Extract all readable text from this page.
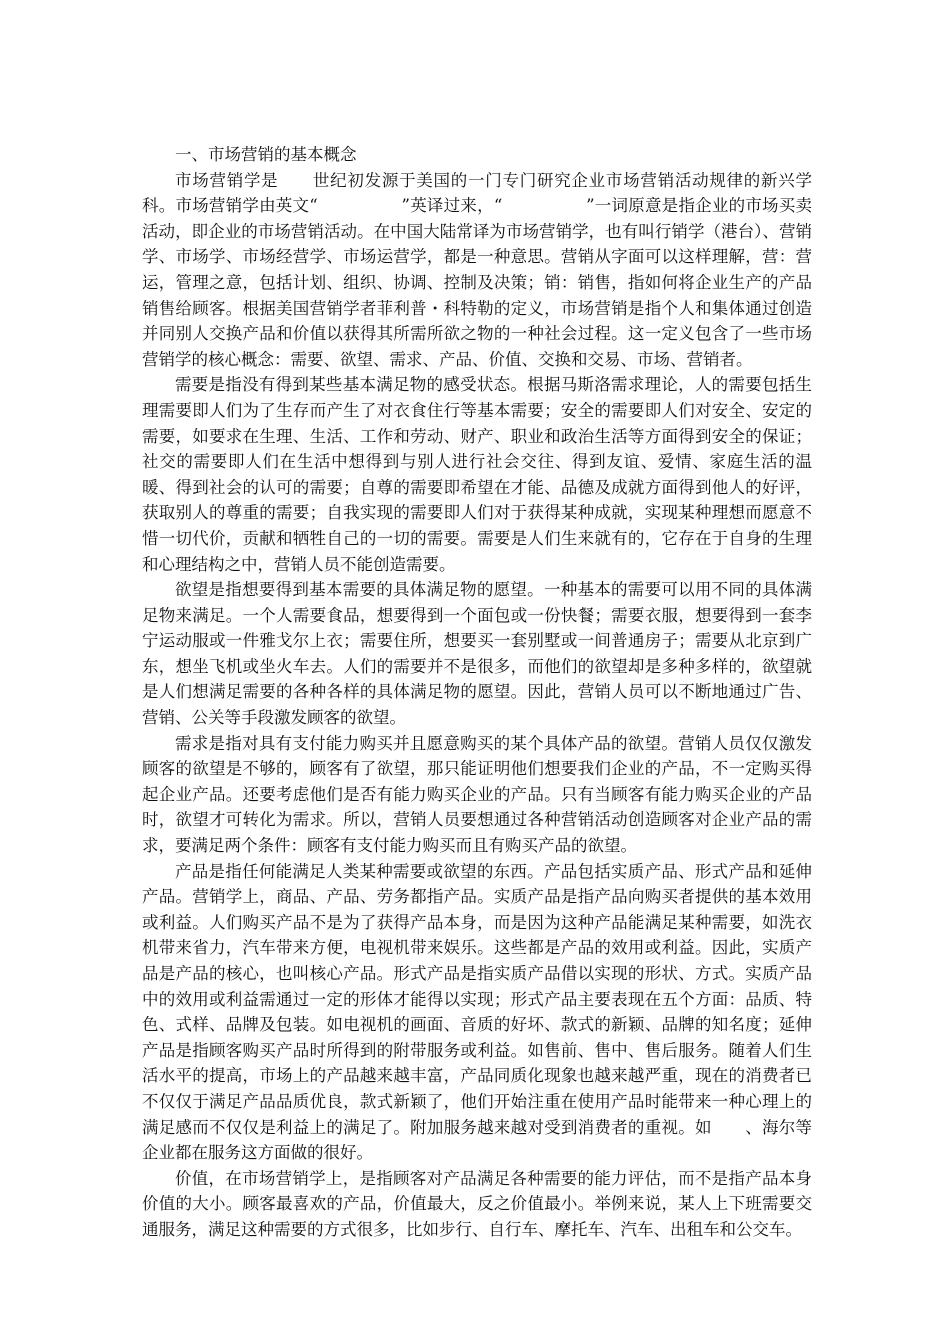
一、市场营销的基本概念

市场营销学是　　世纪初发源于美国的一门专门研究企业市场营销活动规律的新兴学科。市场营销学由英文“　　　　　”英译过来，“　　　　　”一词原意是指企业的市场买卖活动，即企业的市场营销活动。在中国大陆常译为市场营销学，也有叫行销学（港台）、营销学、市场学、市场经营学、市场运营学，都是一种意思。营销从字面可以这样理解，营：营运，管理之意，包括计划、组织、协调、控制及决策；销：销售，指如何将企业生产的产品销售给顾客。根据美国营销学者菲利普・科特勒的定义，市场营销是指个人和集体通过创造并同别人交换产品和价值以获得其所需所欲之物的一种社会过程。这一定义包含了一些市场营销学的核心概念：需要、欲望、需求、产品、价值、交换和交易、市场、营销者。

需要是指没有得到某些基本满足物的感受状态。根据马斯洛需求理论，人的需要包括生理需要即人们为了生存而产生了对衣食住行等基本需要；安全的需要即人们对安全、安定的需要，如要求在生理、生活、工作和劳动、财产、职业和政治生活等方面得到安全的保证；社交的需要即人们在生活中想得到与别人进行社会交往、得到友谊、爱情、家庭生活的温暖、得到社会的认可的需要；自尊的需要即希望在才能、品德及成就方面得到他人的好评，获取别人的尊重的需要；自我实现的需要即人们对于获得某种成就，实现某种理想而愿意不惜一切代价，贡献和牺牲自己的一切的需要。需要是人们生来就有的，它存在于自身的生理和心理结构之中，营销人员不能创造需要。

欲望是指想要得到基本需要的具体满足物的愿望。一种基本的需要可以用不同的具体满足物来满足。一个人需要食品，想要得到一个面包或一份快餐；需要衣服，想要得到一套李宁运动服或一件雅戈尔上衣；需要住所，想要买一套别墅或一间普通房子；需要从北京到广东，想坐飞机或坐火车去。人们的需要并不是很多，而他们的欲望却是多种多样的，欲望就是人们想满足需要的各种各样的具体满足物的愿望。因此，营销人员可以不断地通过广告、营销、公关等手段激发顾客的欲望。

需求是指对具有支付能力购买并且愿意购买的某个具体产品的欲望。营销人员仅仅激发顾客的欲望是不够的，顾客有了欲望，那只能证明他们想要我们企业的产品，不一定购买得起企业产品。还要考虑他们是否有能力购买企业的产品。只有当顾客有能力购买企业的产品时，欲望才可转化为需求。所以，营销人员要想通过各种营销活动创造顾客对企业产品的需求，要满足两个条件：顾客有支付能力购买而且有购买产品的欲望。

产品是指任何能满足人类某种需要或欲望的东西。产品包括实质产品、形式产品和延伸产品。营销学上，商品、产品、劳务都指产品。实质产品是指产品向购买者提供的基本效用或利益。人们购买产品不是为了获得产品本身，而是因为这种产品能满足某种需要，如洗衣机带来省力，汽车带来方便，电视机带来娱乐。这些都是产品的效用或利益。因此，实质产品是产品的核心，也叫核心产品。形式产品是指实质产品借以实现的形状、方式。实质产品中的效用或利益需通过一定的形体才能得以实现；形式产品主要表现在五个方面：品质、特色、式样、品牌及包装。如电视机的画面、音质的好坏、款式的新颖、品牌的知名度；延伸产品是指顾客购买产品时所得到的附带服务或利益。如售前、售中、售后服务。随着人们生活水平的提高，市场上的产品越来越丰富，产品同质化现象也越来越严重，现在的消费者已不仅仅于满足产品品质优良，款式新颖了，他们开始注重在使用产品时能带来一种心理上的满足感而不仅仅是利益上的满足了。附加服务越来越对受到消费者的重视。如　　、海尔等企业都在服务这方面做的很好。

价值，在市场营销学上，是指顾客对产品满足各种需要的能力评估，而不是指产品本身价值的大小。顾客最喜欢的产品，价值最大，反之价值最小。举例来说，某人上下班需要交通服务，满足这种需要的方式很多，比如步行、自行车、摩托车、汽车、出租车和公交车。
